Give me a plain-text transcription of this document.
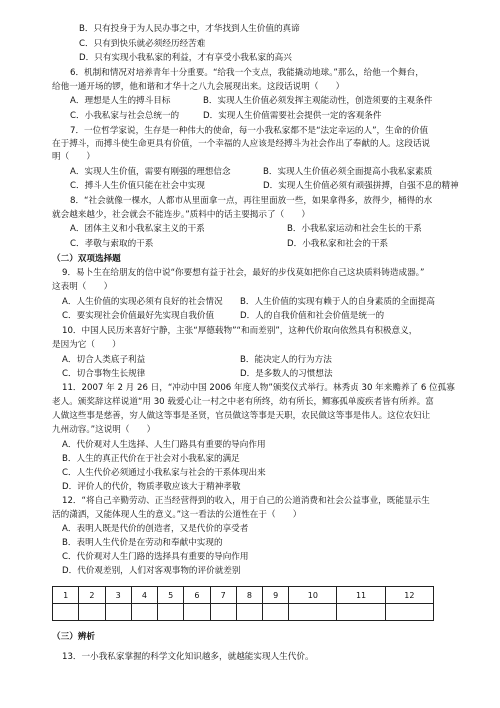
B．只有投身于为人民办事之中，才华找到人生价值的真谛
C．只有到快乐就必须经历经苦难
D．只有实现小我私家的利益，才有享受小我私家的高兴
6．机制和情况对培养青年十分重要。“给我一个支点，我能撬动地球。”那么，给他一个舞台，
给他一通开场的锣，他和谐和才华十之八九会展现出来。这段话说明（　　）
A．理想是人生的搏斗目标	B．实现人生价值必须发挥主观能动性，创造须要的主观条件
C．小我私家与社会总统一的	D．实现人生价值需要社会提供一定的客观条件
7．一位哲学家说，生存是一种伟大的使命，每一小我私家都不是“法定幸运的人”，生命的价值
在于搏斗，而搏斗使生命更具有价值，一个幸福的人应该是经搏斗为社会作出了奉献的人。这段话说
明（　　）
A．实现人生价值，需要有刚强的理想信念	B．实现人生价值必须全面提高小我私家素质
C．搏斗人生价值只能在社会中实现	D．实现人生价值必须有顽强拼搏，自强不息的精神
8．“社会就像一棵水，人都市从里面拿一点，再往里面放一些，如果拿得多，放得少，桶得的水
就会越来越少，社会就会不能连步。”质料中的话主要揭示了（　　）
A．团体主义和小我私家主义的干系	B．小我私家运动和社会生长的干系
C．孝敬与索取的干系	D．小我私家和社会的干系
（二）双项选择题
9．易卜生在给朋友的信中说“你要想有益于社会，最好的步伐莫如把你自己这块质料铸造成器。”
这表明（　　）
A．人生价值的实现必须有良好的社会情况 B．人生价值的实现有赖于人的自身素质的全面提高
C．要实现社会价值最好先实现自我价值	D．人的自我价值和社会价值是统一的
10．中国人民历来喜好宁静，主张“厚德载物”“和而差别”，这种代价取向依然具有积极意义，
是因为它（　　）
A．切合人类底子利益	B．能决定人的行为方法
C．切合事物生长规律	D．是多数人的习惯想法
11．2007 年 2 月 26 日，“冲动中国 2006 年度人物”颁奖仪式举行。林秀贞 30 年来赡养了 6 位孤寡
老人。颁奖辞这样说道“用 30 载爱心让一村之中老有所终，幼有所长，鳏寡孤单废疾者皆有所养。富
人做这些事是慈善，穷人做这等事是圣贤，官员做这等事是天职，农民做这等事是伟人。这位农妇让
九州动容。”这说明（　　）
A．代价观对人生选择、人生门路具有重要的导向作用
B．人生的真正代价在于社会对小我私家的满足
C．人生代价必须通过小我私家与社会的干系体现出来
D．评价人的代价，物质孝敬应该大于精神孝敬
12．“将自己辛勤劳动、正当经营得到的收入，用于自己的公道消费和社会公益事业，既能显示生
活的潇洒，又能体现人生的意义。”这一看法的公道性在于（　　）
A．表明人既是代价的创造者，又是代价的享受者
B．表明人生代价是在劳动和奉献中实现的
C．代价观对人生门路的选择具有重要的导向作用
D．代价观差别，人们对客观事物的评价就差别
1	2	3	4	5	6	7	8	9	10	11	12

（三）辨析
13．一小我私家掌握的科学文化知识越多，就越能实现人生代价。
